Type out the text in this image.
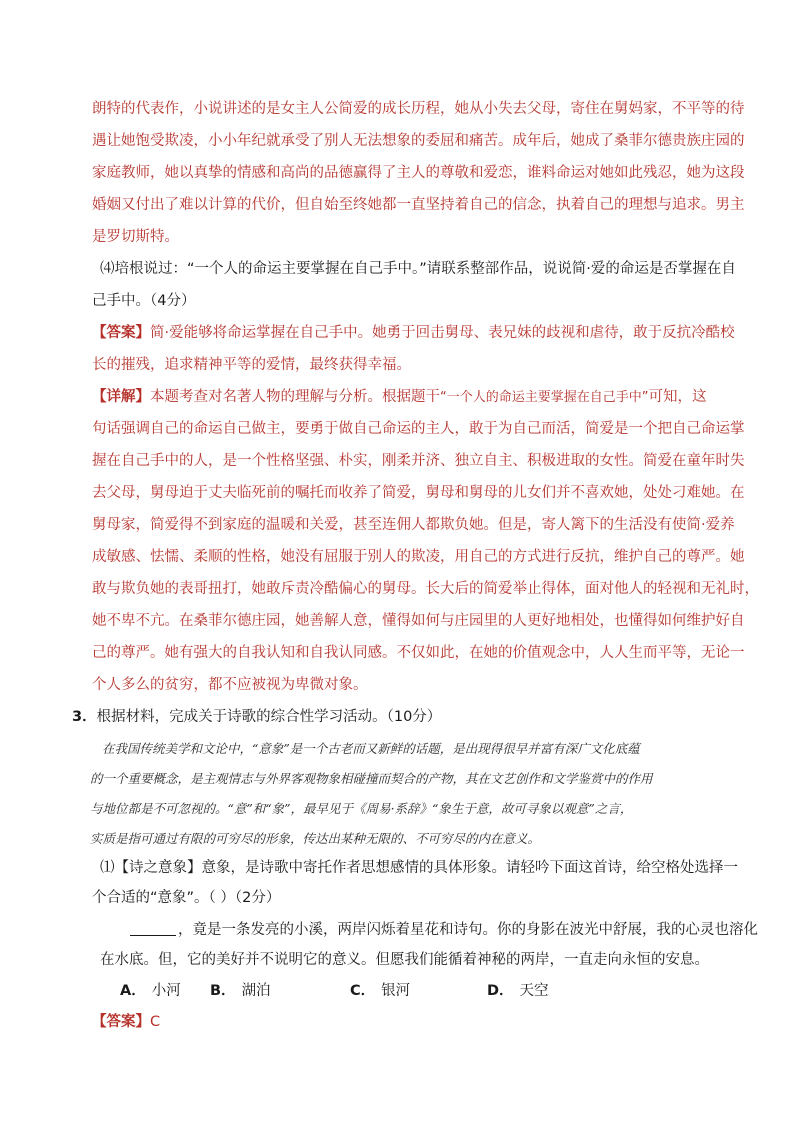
朗特的代表作，小说讲述的是女主人公简爱的成长历程，她从小失去父母，寄住在舅妈家，不平等的待
遇让她饱受欺凌，小小年纪就承受了别人无法想象的委屈和痛苦。成年后，她成了桑菲尔德贵族庄园的
家庭教师，她以真挚的情感和高尚的品德赢得了主人的尊敬和爱恋，谁料命运对她如此残忍，她为这段
婚姻又付出了难以计算的代价，但自始至终她都一直坚持着自己的信念，执着自己的理想与追求。男主
是罗切斯特。
⑷培根说过：“一个人的命运主要掌握在自己手中。”请联系整部作品，说说简·爱的命运是否掌握在自
己手中。（4分）
【答案】简·爱能够将命运掌握在自己手中。她勇于回击舅母、表兄妹的歧视和虐待，敢于反抗冷酷校
长的摧残，追求精神平等的爱情，最终获得幸福。
【详解】本题考查对名著人物的理解与分析。根据题干“一个人的命运主要掌握在自己手中”可知，这
句话强调自己的命运自己做主，要勇于做自己命运的主人，敢于为自己而活，简爱是一个把自己命运掌
握在自己手中的人，是一个性格坚强、朴实，刚柔并济、独立自主、积极进取的女性。简爱在童年时失
去父母，舅母迫于丈夫临死前的嘱托而收养了简爱，舅母和舅母的儿女们并不喜欢她，处处刁难她。在
舅母家，简爱得不到家庭的温暖和关爱，甚至连佣人都欺负她。但是，寄人篱下的生活没有使简·爱养
成敏感、怯懦、柔顺的性格，她没有屈服于别人的欺凌，用自己的方式进行反抗，维护自己的尊严。她
敢与欺负她的表哥扭打，她敢斥责冷酷偏心的舅母。长大后的简爱举止得体，面对他人的轻视和无礼时，
她不卑不亢。在桑菲尔德庄园，她善解人意，懂得如何与庄园里的人更好地相处，也懂得如何维护好自
己的尊严。她有强大的自我认知和自我认同感。不仅如此，在她的价值观念中，人人生而平等，无论一
个人多么的贫穷，都不应被视为卑微对象。
3．根据材料，完成关于诗歌的综合性学习活动。（10分）
在我国传统美学和文论中，“意象”是一个古老而又新鲜的话题，是出现得很早并富有深广文化底蕴
的一个重要概念，是主观情志与外界客观物象相碰撞而契合的产物，其在文艺创作和文学鉴赏中的作用
与地位都是不可忽视的。“意”和“象”，最早见于《周易·系辞》“象生于意，故可寻象以观意”之言，
实质是指可通过有限的可穷尽的形象，传达出某种无限的、不可穷尽的内在意义。
⑴【诗之意象】意象，是诗歌中寄托作者思想感情的具体形象。请轻吟下面这首诗，给空格处选择一
个合适的“意象”。（ ）（2分）
，竟是一条发亮的小溪，两岸闪烁着星花和诗句。你的身影在波光中舒展，我的心灵也溶化
在水底。但，它的美好并不说明它的意义。但愿我们能循着神秘的两岸，一直走向永恒的安息。
A． 小河 B． 湖泊	C． 银河	D． 天空
【答案】C
